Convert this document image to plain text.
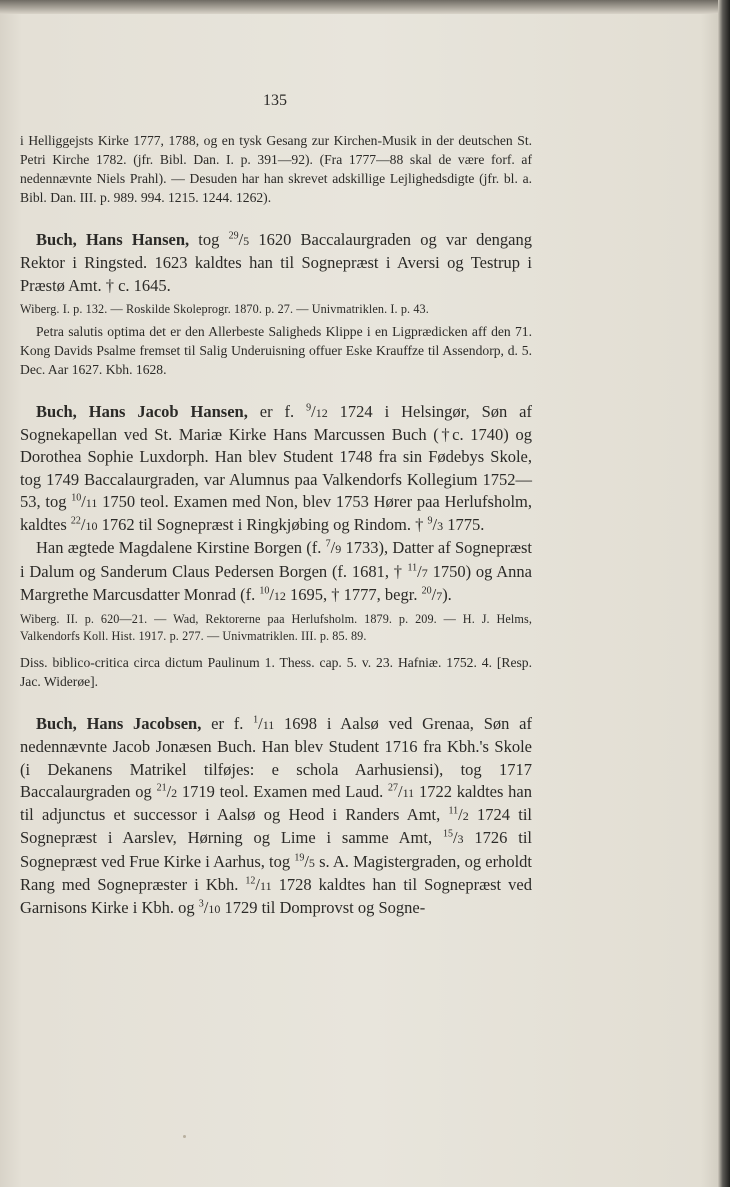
135

i Helliggejsts Kirke 1777, 1788, og en tysk Gesang zur Kirchen-Musik in der deutschen St. Petri Kirche 1782. (jfr. Bibl. Dan. I. p. 391—92). (Fra 1777—88 skal de være forf. af nedennævnte Niels Prahl). — Desuden har han skrevet adskillige Lejlighedsdigte (jfr. bl. a. Bibl. Dan. III. p. 989. 994. 1215. 1244. 1262).

Buch, Hans Hansen, tog $^{29}$/5 1620 Baccalaurgraden og var dengang Rektor i Ringsted. 1623 kaldtes han til Sognepræst i Aversi og Testrup i Præstø Amt. † c. 1645.

Wiberg. I. p. 132. — Roskilde Skoleprogr. 1870. p. 27. — Univmatriklen. I. p. 43.

Petra salutis optima det er den Allerbeste Saligheds Klippe i en Ligprædicken aff den 71. Kong Davids Psalme fremset til Salig Underuisning offuer Eske Krauffze til Assendorp, d. 5. Dec. Aar 1627. Kbh. 1628.

Buch, Hans Jacob Hansen, er f. $^9$/12 1724 i Helsingør, Søn af Sognekapellan ved St. Mariæ Kirke Hans Marcussen Buch (†c. 1740) og Dorothea Sophie Luxdorph. Han blev Student 1748 fra sin Fødebys Skole, tog 1749 Baccalaurgraden, var Alumnus paa Valkendorfs Kollegium 1752—53, tog $^{10}$/11 1750 teol. Examen med Non, blev 1753 Hører paa Herlufsholm, kaldtes $^{22}$/10 1762 til Sognepræst i Ringkjøbing og Rindom. † $^9$/3 1775.

Han ægtede Magdalene Kirstine Borgen (f. $^7$/9 1733), Datter af Sognepræst i Dalum og Sanderum Claus Pedersen Borgen (f. 1681, † $^{11}$/7 1750) og Anna Margrethe Marcusdatter Monrad (f. $^{10}$/12 1695, † 1777, begr. $^{20}$/7).

Wiberg. II. p. 620—21. — Wad, Rektorerne paa Herlufsholm. 1879. p. 209. — H. J. Helms, Valkendorfs Koll. Hist. 1917. p. 277. — Univmatriklen. III. p. 85. 89.

Diss. biblico-critica circa dictum Paulinum 1. Thess. cap. 5. v. 23. Hafniæ. 1752. 4. [Resp. Jac. Widerøe].

Buch, Hans Jacobsen, er f. $^1$/11 1698 i Aalsø ved Grenaa, Søn af nedennævnte Jacob Jonæsen Buch. Han blev Student 1716 fra Kbh.'s Skole (i Dekanens Matrikel tilføjes: e schola Aarhusiensi), tog 1717 Baccalaurgraden og $^{21}$/2 1719 teol. Examen med Laud. $^{27}$/11 1722 kaldtes han til adjunctus et successor i Aalsø og Heod i Randers Amt, $^{11}$/2 1724 til Sognepræst i Aarslev, Hørning og Lime i samme Amt, $^{15}$/3 1726 til Sognepræst ved Frue Kirke i Aarhus, tog $^{19}$/5 s. A. Magistergraden, og erholdt Rang med Sognepræster i Kbh. $^{12}$/11 1728 kaldtes han til Sognepræst ved Garnisons Kirke i Kbh. og $^3$/10 1729 til Domprovst og Sogne-
